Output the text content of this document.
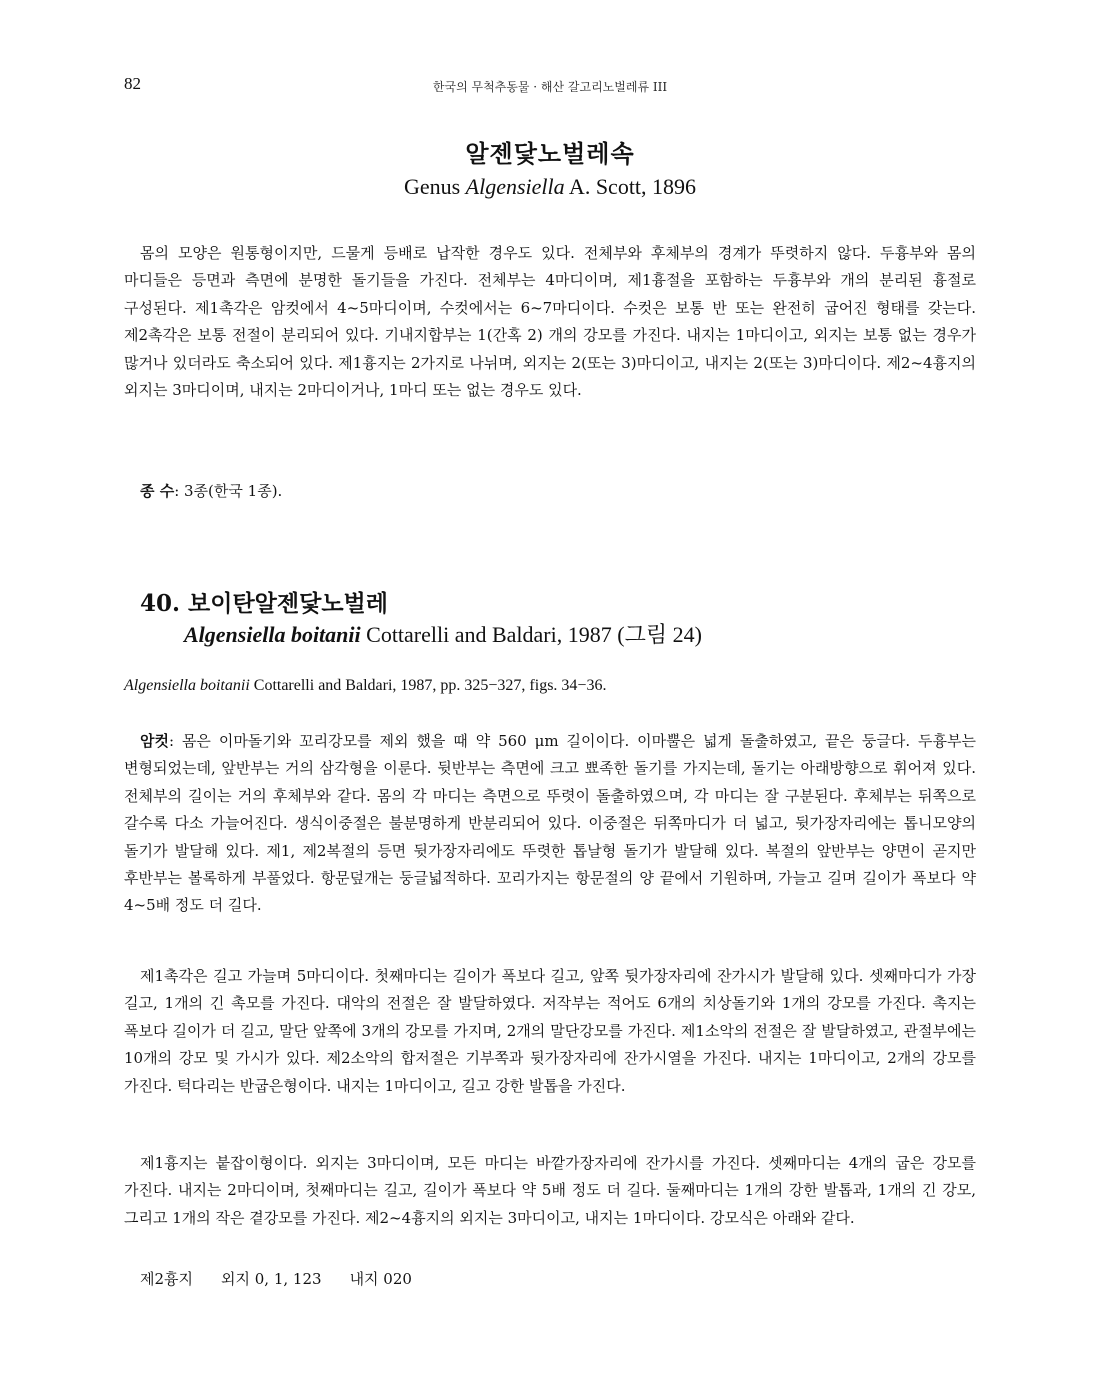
82	한국의 무척추동물 · 해산 갈고리노벌레류 III
알젠닻노벌레속
Genus Algensiella A. Scott, 1896
몸의 모양은 원통형이지만, 드물게 등배로 납작한 경우도 있다. 전체부와 후체부의 경계가 뚜렷하지 않다. 두흉부와 몸의 마디들은 등면과 측면에 분명한 돌기들을 가진다. 전체부는 4마디이며, 제1흉절을 포함하는 두흉부와 개의 분리된 흉절로 구성된다. 제1촉각은 암컷에서 4~5마디이며, 수컷에서는 6~7마디이다. 수컷은 보통 반 또는 완전히 굽어진 형태를 갖는다. 제2촉각은 보통 전절이 분리되어 있다. 기내지합부는 1(간혹 2) 개의 강모를 가진다. 내지는 1마디이고, 외지는 보통 없는 경우가 많거나 있더라도 축소되어 있다. 제1흉지는 2가지로 나뉘며, 외지는 2(또는 3)마디이고, 내지는 2(또는 3)마디이다. 제2~4흉지의 외지는 3마디이며, 내지는 2마디이거나, 1마디 또는 없는 경우도 있다.
종 수: 3종(한국 1종).
40. 보이탄알젠닻노벌레
Algensiella boitanii Cottarelli and Baldari, 1987 (그림 24)
Algensiella boitanii Cottarelli and Baldari, 1987, pp. 325−327, figs. 34−36.
암컷: 몸은 이마돌기와 꼬리강모를 제외 했을 때 약 560 μm 길이이다. 이마뿔은 넓게 돌출하였고, 끝은 둥글다. 두흉부는 변형되었는데, 앞반부는 거의 삼각형을 이룬다. 뒷반부는 측면에 크고 뾰족한 돌기를 가지는데, 돌기는 아래방향으로 휘어져 있다. 전체부의 길이는 거의 후체부와 같다. 몸의 각 마디는 측면으로 뚜렷이 돌출하였으며, 각 마디는 잘 구분된다. 후체부는 뒤쪽으로 갈수록 다소 가늘어진다. 생식이중절은 불분명하게 반분리되어 있다. 이중절은 뒤쪽마디가 더 넓고, 뒷가장자리에는 톱니모양의 돌기가 발달해 있다. 제1, 제2복절의 등면 뒷가장자리에도 뚜렷한 톱날형 돌기가 발달해 있다. 복절의 앞반부는 양면이 곧지만 후반부는 볼록하게 부풀었다. 항문덮개는 둥글넓적하다. 꼬리가지는 항문절의 양 끝에서 기원하며, 가늘고 길며 길이가 폭보다 약 4~5배 정도 더 길다.
제1촉각은 길고 가늘며 5마디이다. 첫째마디는 길이가 폭보다 길고, 앞쪽 뒷가장자리에 잔가시가 발달해 있다. 셋째마디가 가장 길고, 1개의 긴 촉모를 가진다. 대악의 전절은 잘 발달하였다. 저작부는 적어도 6개의 치상돌기와 1개의 강모를 가진다. 촉지는 폭보다 길이가 더 길고, 말단 앞쪽에 3개의 강모를 가지며, 2개의 말단강모를 가진다. 제1소악의 전절은 잘 발달하였고, 관절부에는 10개의 강모 및 가시가 있다. 제2소악의 합저절은 기부쪽과 뒷가장자리에 잔가시열을 가진다. 내지는 1마디이고, 2개의 강모를 가진다. 턱다리는 반굽은형이다. 내지는 1마디이고, 길고 강한 발톱을 가진다.
제1흉지는 붙잡이형이다. 외지는 3마디이며, 모든 마디는 바깥가장자리에 잔가시를 가진다. 셋째마디는 4개의 굽은 강모를 가진다. 내지는 2마디이며, 첫째마디는 길고, 길이가 폭보다 약 5배 정도 더 길다. 둘째마디는 1개의 강한 발톱과, 1개의 긴 강모, 그리고 1개의 작은 곁강모를 가진다. 제2~4흉지의 외지는 3마디이고, 내지는 1마디이다. 강모식은 아래와 같다.
제2흉지 외지 0, 1, 123 내지 020
